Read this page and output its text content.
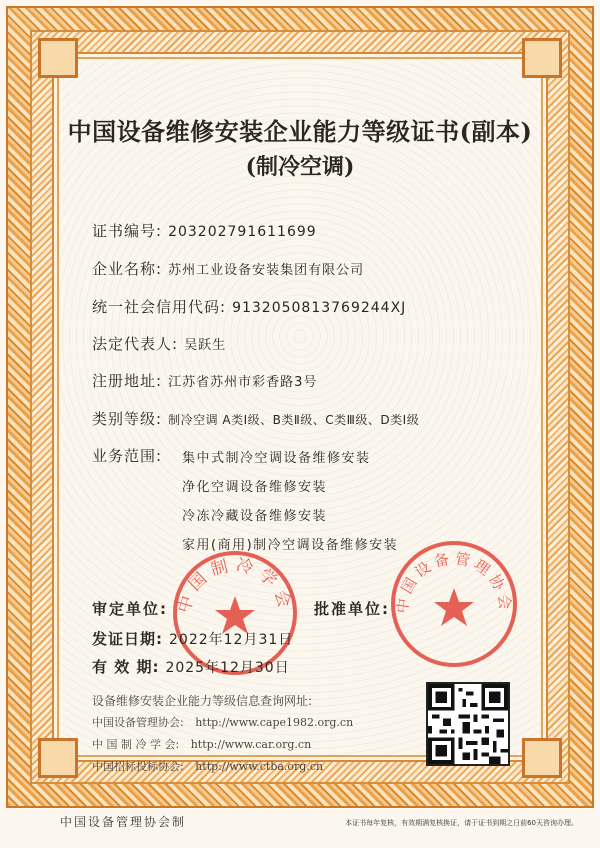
中国设备维修安装企业能力等级证书(副本)
(制冷空调)
证书编号: 203202791611699
企业名称: 苏州工业设备安装集团有限公司
统一社会信用代码: 9132050813769244XJ
法定代表人: 吴跃生
注册地址: 江苏省苏州市彩香路3号
类别等级: 制冷空调 A类Ⅰ级、B类Ⅱ级、C类Ⅲ级、D类Ⅰ级
业务范围: 集中式制冷空调设备维修安装
净化空调设备维修安装
冷冻冷藏设备维修安装
家用(商用)制冷空调设备维修安装
中国制冷学会	中国设备管理协会
审定单位:	批准单位:
发证日期: 2022年12月31日
有 效 期: 2025年12月30日
设备维修安装企业能力等级信息查询网址:
中国设备管理协会: http://www.cape1982.org.cn
中 国 制 冷 学 会: http://www.car.org.cn
中国招标投标协会: http://www.ctba.org.cn
中国设备管理协会制	本证书每年复核，有效期满复核换证，请于证书到期之日前60天咨询办理。
